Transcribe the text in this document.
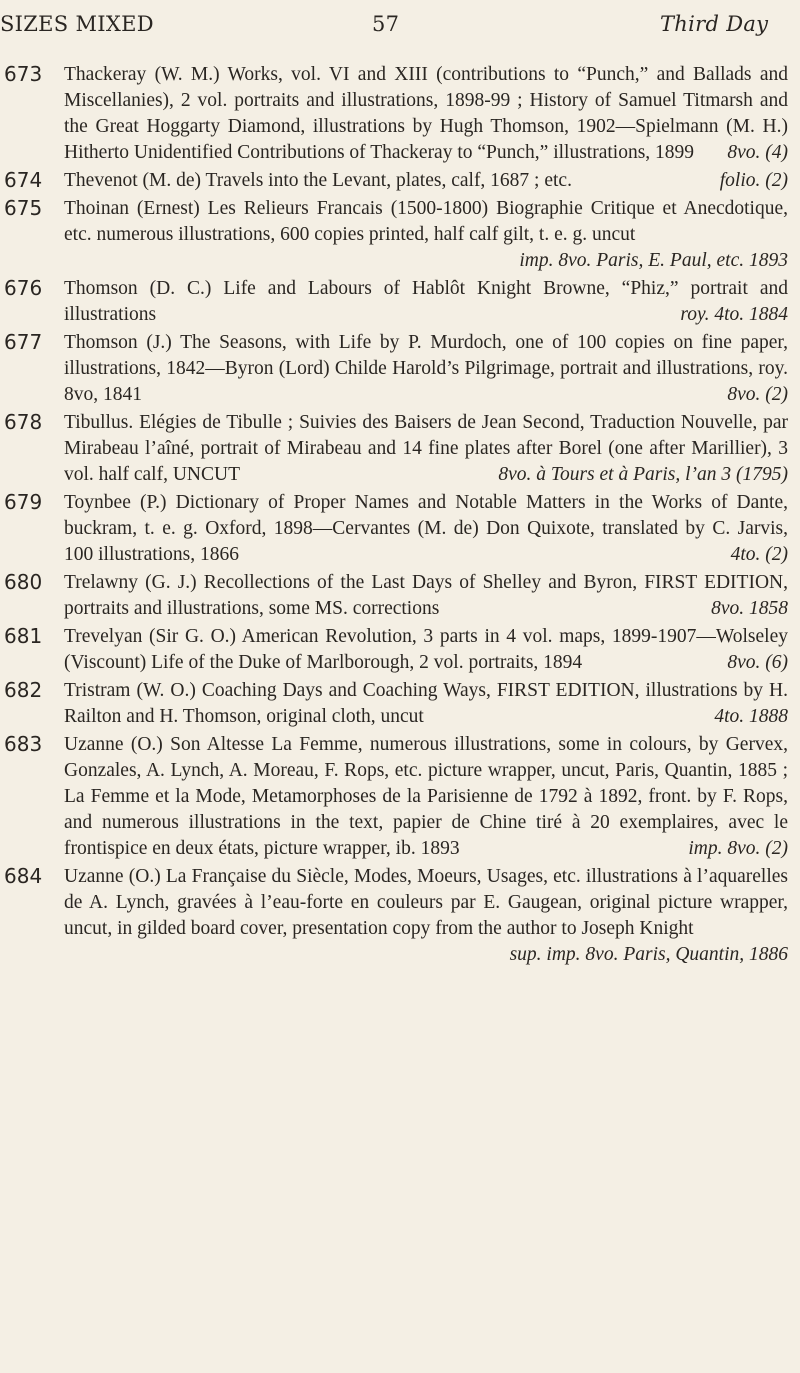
SIZES MIXED	57	Third Day
673 Thackeray (W. M.) Works, vol. VI and XIII (contributions to “Punch,” and Ballads and Miscellanies), 2 vol. portraits and illustrations, 1898-99 ; History of Samuel Titmarsh and the Great Hoggarty Diamond, illustrations by Hugh Thomson, 1902—Spielmann (M. H.) Hitherto Unidentified Contributions of Thackeray to “Punch,” illustrations, 1899	8vo. (4)
674 Thevenot (M. de) Travels into the Levant, plates, calf, 1687 ; etc.	folio. (2)
675 Thoinan (Ernest) Les Relieurs Francais (1500-1800) Biographie Critique et Anecdotique, etc. numerous illustrations, 600 copies printed, half calf gilt, t. e. g. uncut
imp. 8vo. Paris, E. Paul, etc. 1893
676 Thomson (D. C.) Life and Labours of Hablôt Knight Browne, “Phiz,” portrait and illustrations	roy. 4to. 1884
677 Thomson (J.) The Seasons, with Life by P. Murdoch, one of 100 copies on fine paper, illustrations, 1842—Byron (Lord) Childe Harold’s Pilgrimage, portrait and illustrations, roy. 8vo, 1841	8vo. (2)
678 Tibullus. Elégies de Tibulle ; Suivies des Baisers de Jean Second, Traduction Nouvelle, par Mirabeau l’aîné, portrait of Mirabeau and 14 fine plates after Borel (one after Marillier), 3 vol. half calf, UNCUT	8vo. à Tours et à Paris, l’an 3 (1795)
679 Toynbee (P.) Dictionary of Proper Names and Notable Matters in the Works of Dante, buckram, t. e. g. Oxford, 1898—Cervantes (M. de) Don Quixote, translated by C. Jarvis, 100 illustrations, 1866	4to. (2)
680 Trelawny (G. J.) Recollections of the Last Days of Shelley and Byron, FIRST EDITION, portraits and illustrations, some MS. corrections	8vo. 1858
681 Trevelyan (Sir G. O.) American Revolution, 3 parts in 4 vol. maps, 1899-1907—Wolseley (Viscount) Life of the Duke of Marlborough, 2 vol. portraits, 1894	8vo. (6)
682 Tristram (W. O.) Coaching Days and Coaching Ways, FIRST EDITION, illustrations by H. Railton and H. Thomson, original cloth, uncut	4to. 1888
683 Uzanne (O.) Son Altesse La Femme, numerous illustrations, some in colours, by Gervex, Gonzales, A. Lynch, A. Moreau, F. Rops, etc. picture wrapper, uncut, Paris, Quantin, 1885 ; La Femme et la Mode, Metamorphoses de la Parisienne de 1792 à 1892, front. by F. Rops, and numerous illustrations in the text, papier de Chine tiré à 20 exemplaires, avec le frontispice en deux états, picture wrapper, ib. 1893	imp. 8vo. (2)
684 Uzanne (O.) La Française du Siècle, Modes, Moeurs, Usages, etc. illustrations à l’aquarelles de A. Lynch, gravées à l’eau-forte en couleurs par E. Gaugean, original picture wrapper, uncut, in gilded board cover, presentation copy from the author to Joseph Knight
sup. imp. 8vo. Paris, Quantin, 1886
